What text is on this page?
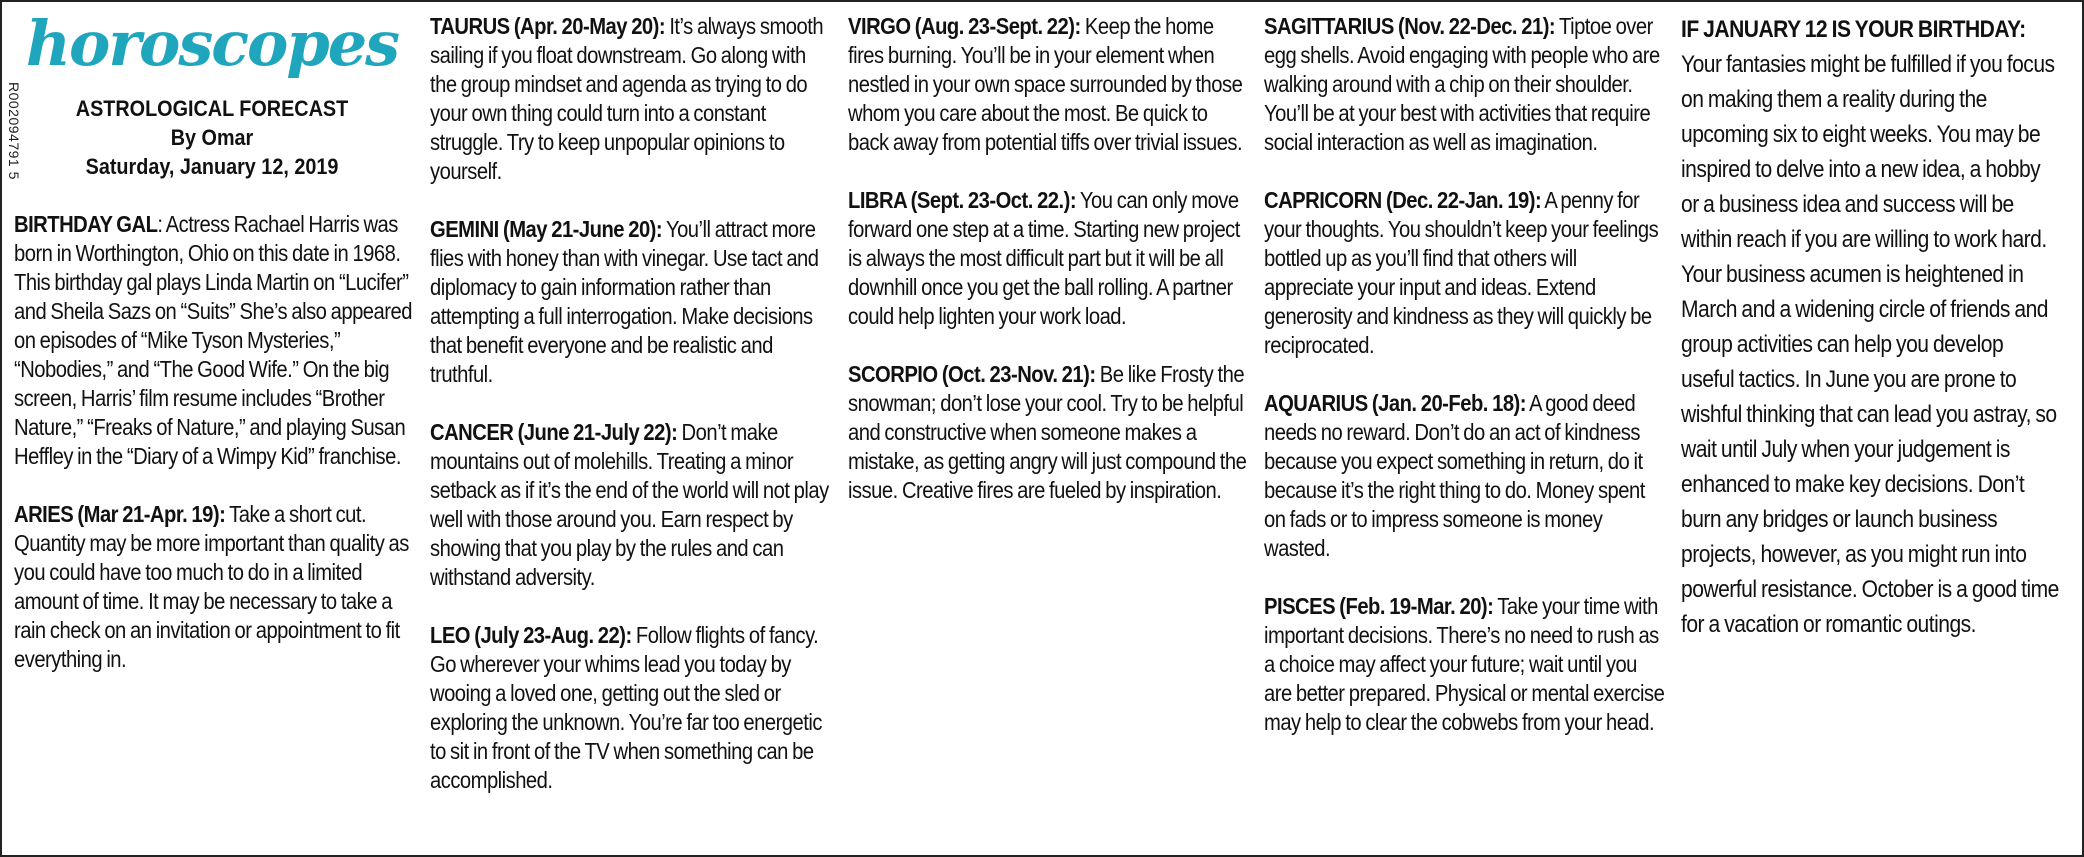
R002094791 5
horoscopes
ASTROLOGICAL FORECAST
By Omar
Saturday, January 12, 2019

BIRTHDAY GAL: Actress Rachael Harris was born in Worthington, Ohio on this date in 1968. This birthday gal plays Linda Martin on “Lucifer” and Sheila Sazs on “Suits” She’s also appeared on episodes of “Mike Tyson Mysteries,” “Nobodies,” and “The Good Wife.” On the big screen, Harris’ film resume includes “Brother Nature,” “Freaks of Nature,” and playing Susan Heffley in the “Diary of a Wimpy Kid” franchise.

ARIES (Mar 21-Apr. 19): Take a short cut. Quantity may be more important than quality as you could have too much to do in a limited amount of time. It may be necessary to take a rain check on an invitation or appointment to fit everything in.

TAURUS (Apr. 20-May 20): It’s always smooth sailing if you float downstream. Go along with the group mindset and agenda as trying to do your own thing could turn into a constant struggle. Try to keep unpopular opinions to yourself.

GEMINI (May 21-June 20): You’ll attract more flies with honey than with vinegar. Use tact and diplomacy to gain information rather than attempting a full interrogation. Make decisions that benefit everyone and be realistic and truthful.

CANCER (June 21-July 22): Don’t make mountains out of molehills. Treating a minor setback as if it’s the end of the world will not play well with those around you. Earn respect by showing that you play by the rules and can withstand adversity.

LEO (July 23-Aug. 22): Follow flights of fancy. Go wherever your whims lead you today by wooing a loved one, getting out the sled or exploring the unknown. You’re far too energetic to sit in front of the TV when something can be accomplished.

VIRGO (Aug. 23-Sept. 22): Keep the home fires burning. You’ll be in your element when nestled in your own space surrounded by those whom you care about the most. Be quick to back away from potential tiffs over trivial issues.

LIBRA (Sept. 23-Oct. 22.): You can only move forward one step at a time. Starting new project is always the most difficult part but it will be all downhill once you get the ball rolling. A partner could help lighten your work load.

SCORPIO (Oct. 23-Nov. 21): Be like Frosty the snowman; don’t lose your cool. Try to be helpful and constructive when someone makes a mistake, as getting angry will just compound the issue. Creative fires are fueled by inspiration.

SAGITTARIUS (Nov. 22-Dec. 21): Tiptoe over egg shells. Avoid engaging with people who are walking around with a chip on their shoulder. You’ll be at your best with activities that require social interaction as well as imagination.

CAPRICORN (Dec. 22-Jan. 19): A penny for your thoughts. You shouldn’t keep your feelings bottled up as you’ll find that others will appreciate your input and ideas. Extend generosity and kindness as they will quickly be reciprocated.

AQUARIUS (Jan. 20-Feb. 18): A good deed needs no reward. Don’t do an act of kindness because you expect something in return, do it because it’s the right thing to do. Money spent on fads or to impress someone is money wasted.

PISCES (Feb. 19-Mar. 20): Take your time with important decisions. There’s no need to rush as a choice may affect your future; wait until you are better prepared. Physical or mental exercise may help to clear the cobwebs from your head.

IF JANUARY 12 IS YOUR BIRTHDAY: Your fantasies might be fulfilled if you focus on making them a reality during the upcoming six to eight weeks. You may be inspired to delve into a new idea, a hobby or a business idea and success will be within reach if you are willing to work hard. Your business acumen is heightened in March and a widening circle of friends and group activities can help you develop useful tactics. In June you are prone to wishful thinking that can lead you astray, so wait until July when your judgement is enhanced to make key decisions. Don’t burn any bridges or launch business projects, however, as you might run into powerful resistance. October is a good time for a vacation or romantic outings.
